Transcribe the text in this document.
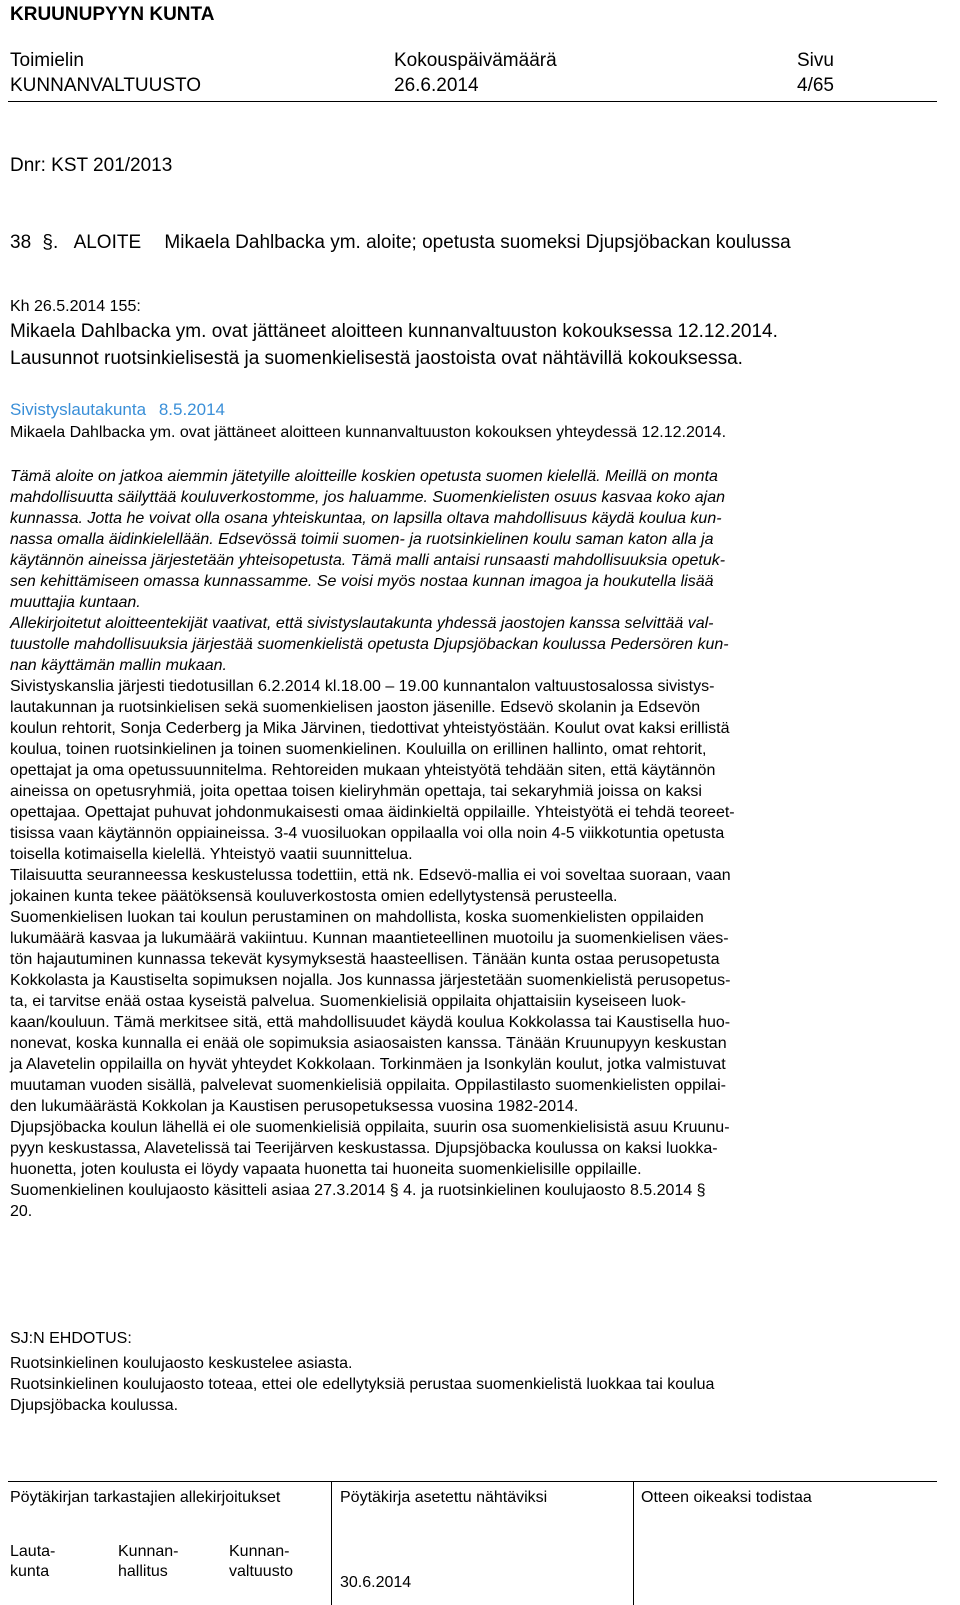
KRUUNUPYYN KUNTA
Toimielin
KUNNANVALTUUSTO
Kokouspäivämäärä
26.6.2014
Sivu
4/65
Dnr: KST 201/2013
38 §. ALOITE Mikaela Dahlbacka ym. aloite; opetusta suomeksi Djupsjöbackan koulussa
Kh 26.5.2014 155:
Mikaela Dahlbacka ym. ovat jättäneet aloitteen kunnanvaltuuston kokouksessa 12.12.2014.
Lausunnot ruotsinkielisestä ja suomenkielisestä jaostoista ovat nähtävillä kokouksessa.
Sivistyslautakunta 8.5.2014
Mikaela Dahlbacka ym. ovat jättäneet aloitteen kunnanvaltuuston kokouksen yhteydessä 12.12.2014.
Tämä aloite on jatkoa aiemmin jätetyille aloitteille koskien opetusta suomen kielellä. Meillä on monta
mahdollisuutta säilyttää kouluverkostomme, jos haluamme. Suomenkielisten osuus kasvaa koko ajan
kunnassa. Jotta he voivat olla osana yhteiskuntaa, on lapsilla oltava mahdollisuus käydä koulua kun-
nassa omalla äidinkielellään. Edsevössä toimii suomen- ja ruotsinkielinen koulu saman katon alla ja
käytännön aineissa järjestetään yhteisopetusta. Tämä malli antaisi runsaasti mahdollisuuksia opetuk-
sen kehittämiseen omassa kunnassamme. Se voisi myös nostaa kunnan imagoa ja houkutella lisää
muuttajia kuntaan.
Allekirjoitetut aloitteentekijät vaativat, että sivistyslautakunta yhdessä jaostojen kanssa selvittää val-
tuustolle mahdollisuuksia järjestää suomenkielistä opetusta Djupsjöbackan koulussa Pedersören kun-
nan käyttämän mallin mukaan.
Sivistyskanslia järjesti tiedotusillan 6.2.2014 kl.18.00 – 19.00 kunnantalon valtuustosalossa sivistys-
lautakunnan ja ruotsinkielisen sekä suomenkielisen jaoston jäsenille. Edsevö skolanin ja Edsevön
koulun rehtorit, Sonja Cederberg ja Mika Järvinen, tiedottivat yhteistyöstään. Koulut ovat kaksi erillistä
koulua, toinen ruotsinkielinen ja toinen suomenkielinen. Kouluilla on erillinen hallinto, omat rehtorit,
opettajat ja oma opetussuunnitelma. Rehtoreiden mukaan yhteistyötä tehdään siten, että käytännön
aineissa on opetusryhmiä, joita opettaa toisen kieliryhmän opettaja, tai sekaryhmiä joissa on kaksi
opettajaa. Opettajat puhuvat johdonmukaisesti omaa äidinkieltä oppilaille. Yhteistyötä ei tehdä teoreet-
tisissa vaan käytännön oppiaineissa. 3-4 vuosiluokan oppilaalla voi olla noin 4-5 viikkotuntia opetusta
toisella kotimaisella kielellä. Yhteistyö vaatii suunnittelua.
Tilaisuutta seuranneessa keskustelussa todettiin, että nk. Edsevö-mallia ei voi soveltaa suoraan, vaan
jokainen kunta tekee päätöksensä kouluverkostosta omien edellytystensä perusteella.
Suomenkielisen luokan tai koulun perustaminen on mahdollista, koska suomenkielisten oppilaiden
lukumäärä kasvaa ja lukumäärä vakiintuu. Kunnan maantieteellinen muotoilu ja suomenkielisen väes-
tön hajautuminen kunnassa tekevät kysymyksestä haasteellisen. Tänään kunta ostaa perusopetusta
Kokkolasta ja Kaustiselta sopimuksen nojalla. Jos kunnassa järjestetään suomenkielistä perusopetus-
ta, ei tarvitse enää ostaa kyseistä palvelua. Suomenkielisiä oppilaita ohjattaisiin kyseiseen luok-
kaan/kouluun. Tämä merkitsee sitä, että mahdollisuudet käydä koulua Kokkolassa tai Kaustisella huo-
nonevat, koska kunnalla ei enää ole sopimuksia asiaosaisten kanssa. Tänään Kruunupyyn keskustan
ja Alavetelin oppilailla on hyvät yhteydet Kokkolaan. Torkinmäen ja Isonkylän koulut, jotka valmistuvat
muutaman vuoden sisällä, palvelevat suomenkielisiä oppilaita. Oppilastilasto suomenkielisten oppilai-
den lukumäärästä Kokkolan ja Kaustisen perusopetuksessa vuosina 1982-2014.
Djupsjöbacka koulun lähellä ei ole suomenkielisiä oppilaita, suurin osa suomenkielisistä asuu Kruunu-
pyyn keskustassa, Alavetelissä tai Teerijärven keskustassa. Djupsjöbacka koulussa on kaksi luokka-
huonetta, joten koulusta ei löydy vapaata huonetta tai huoneita suomenkielisille oppilaille.
Suomenkielinen koulujaosto käsitteli asiaa 27.3.2014 § 4. ja ruotsinkielinen koulujaosto 8.5.2014 §
20.
SJ:N EHDOTUS:
Ruotsinkielinen koulujaosto keskustelee asiasta.
Ruotsinkielinen koulujaosto toteaa, ettei ole edellytyksiä perustaa suomenkielistä luokkaa tai koulua
Djupsjöbacka koulussa.
Pöytäkirjan tarkastajien allekirjoitukset	Pöytäkirja asetettu nähtäviksi	Otteen oikeaksi todistaa
Lauta-
kunta
Kunnan-
hallitus
Kunnan-
valtuusto
30.6.2014
